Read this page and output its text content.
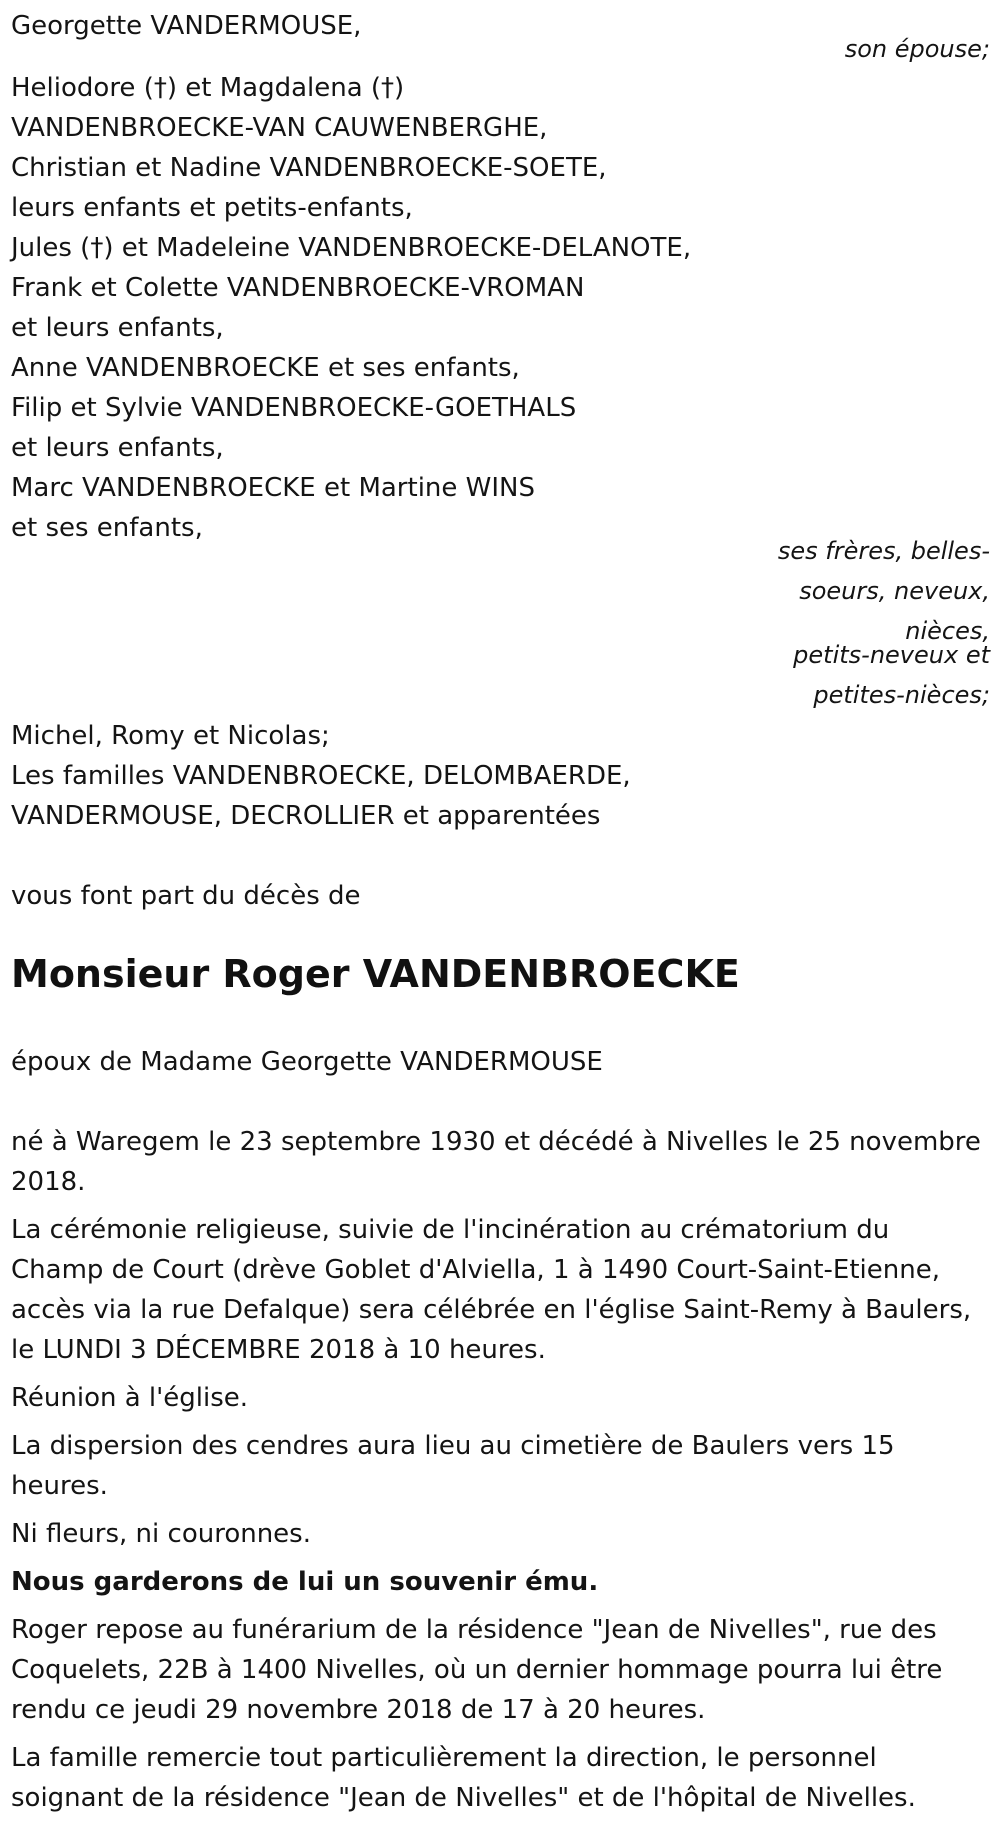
Georgette VANDERMOUSE,
son épouse;
Heliodore (†) et Magdalena (†)
VANDENBROECKE-VAN CAUWENBERGHE,
Christian et Nadine VANDENBROECKE-SOETE,
leurs enfants et petits-enfants,
Jules (†) et Madeleine VANDENBROECKE-DELANOTE,
Frank et Colette VANDENBROECKE-VROMAN
et leurs enfants,
Anne VANDENBROECKE et ses enfants,
Filip et Sylvie VANDENBROECKE-GOETHALS
et leurs enfants,
Marc VANDENBROECKE et Martine WINS
et ses enfants,
ses frères, belles-
soeurs, neveux,
nièces,
petits-neveux et
petites-nièces;
Michel, Romy et Nicolas;
Les familles VANDENBROECKE, DELOMBAERDE,
VANDERMOUSE, DECROLLIER et apparentées
vous font part du décès de
Monsieur Roger VANDENBROECKE
époux de Madame Georgette VANDERMOUSE
né à Waregem le 23 septembre 1930 et décédé à Nivelles le 25 novembre
2018.
La cérémonie religieuse, suivie de l'incinération au crématorium du
Champ de Court (drève Goblet d'Alviella, 1 à 1490 Court-Saint-Etienne,
accès via la rue Defalque) sera célébrée en l'église Saint-Remy à Baulers,
le LUNDI 3 DÉCEMBRE 2018 à 10 heures.
Réunion à l'église.
La dispersion des cendres aura lieu au cimetière de Baulers vers 15
heures.
Ni fleurs, ni couronnes.
Nous garderons de lui un souvenir ému.
Roger repose au funérarium de la résidence "Jean de Nivelles", rue des
Coquelets, 22B à 1400 Nivelles, où un dernier hommage pourra lui être
rendu ce jeudi 29 novembre 2018 de 17 à 20 heures.
La famille remercie tout particulièrement la direction, le personnel
soignant de la résidence "Jean de Nivelles" et de l'hôpital de Nivelles.
